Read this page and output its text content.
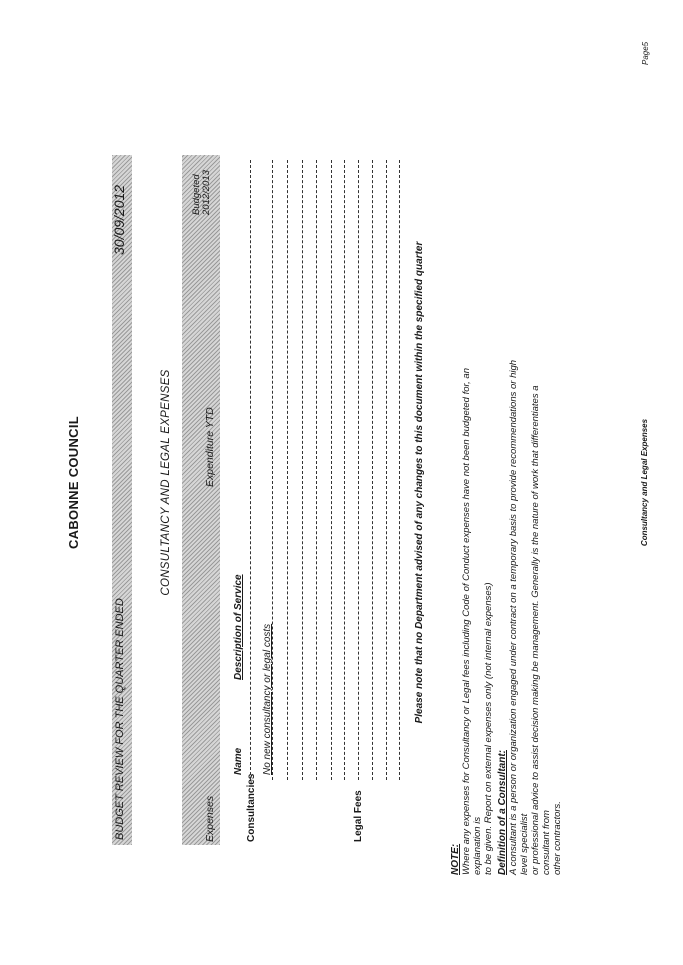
BUDGET REVIEW FOR THE QUARTER ENDED
30/09/2012
CABONNE COUNCIL	CONSULTANCY AND LEGAL EXPENSES
Expenses
Expenditure YTD
Budgeted 2012/2013
Consultancies
Name
Description of Service No new consultancy or legal costs
Legal Fees
Please note that no Department advised of any changes to this document within the specified quarter
NOTE: Where any expenses for Consultancy or Legal fees including Code of Conduct expenses have not been budgeted for, an explanation is to be given. Report on external expenses only (not internal expenses) Definition of a Consultant: A consultant is a person or organization engaged under contract on a temporary basis to provide recommendations or high level specialist or professional advice to assist decision making be management. Generally is the nature of work that differentiates a consultant from other contractors.
Consultancy and Legal Expenses
Page5
